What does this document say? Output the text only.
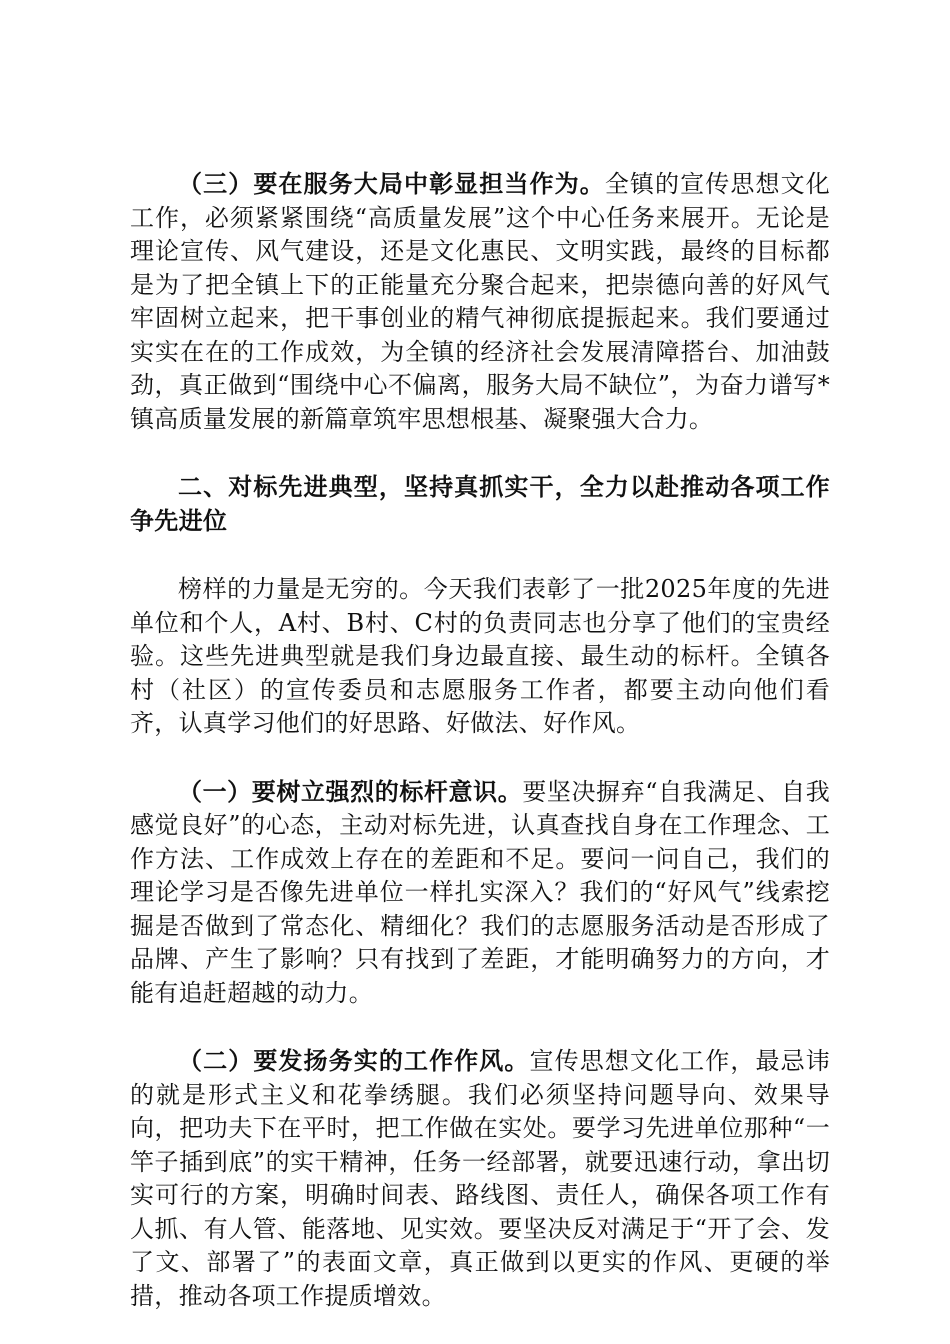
（三）要在服务大局中彰显担当作为。全镇的宣传思想文化工作，必须紧紧围绕“高质量发展”这个中心任务来展开。无论是理论宣传、风气建设，还是文化惠民、文明实践，最终的目标都是为了把全镇上下的正能量充分聚合起来，把崇德向善的好风气牢固树立起来，把干事创业的精气神彻底提振起来。我们要通过实实在在的工作成效，为全镇的经济社会发展清障搭台、加油鼓劲，真正做到“围绕中心不偏离，服务大局不缺位”，为奋力谱写*镇高质量发展的新篇章筑牢思想根基、凝聚强大合力。

二、对标先进典型，坚持真抓实干，全力以赴推动各项工作争先进位

榜样的力量是无穷的。今天我们表彰了一批2025年度的先进单位和个人，A村、B村、C村的负责同志也分享了他们的宝贵经验。这些先进典型就是我们身边最直接、最生动的标杆。全镇各村（社区）的宣传委员和志愿服务工作者，都要主动向他们看齐，认真学习他们的好思路、好做法、好作风。

（一）要树立强烈的标杆意识。要坚决摒弃“自我满足、自我感觉良好”的心态，主动对标先进，认真查找自身在工作理念、工作方法、工作成效上存在的差距和不足。要问一问自己，我们的理论学习是否像先进单位一样扎实深入？我们的“好风气”线索挖掘是否做到了常态化、精细化？我们的志愿服务活动是否形成了品牌、产生了影响？只有找到了差距，才能明确努力的方向，才能有追赶超越的动力。

（二）要发扬务实的工作作风。宣传思想文化工作，最忌讳的就是形式主义和花拳绣腿。我们必须坚持问题导向、效果导向，把功夫下在平时，把工作做在实处。要学习先进单位那种“一竿子插到底”的实干精神，任务一经部署，就要迅速行动，拿出切实可行的方案，明确时间表、路线图、责任人，确保各项工作有人抓、有人管、能落地、见实效。要坚决反对满足于“开了会、发了文、部署了”的表面文章，真正做到以更实的作风、更硬的举措，推动各项工作提质增效。
